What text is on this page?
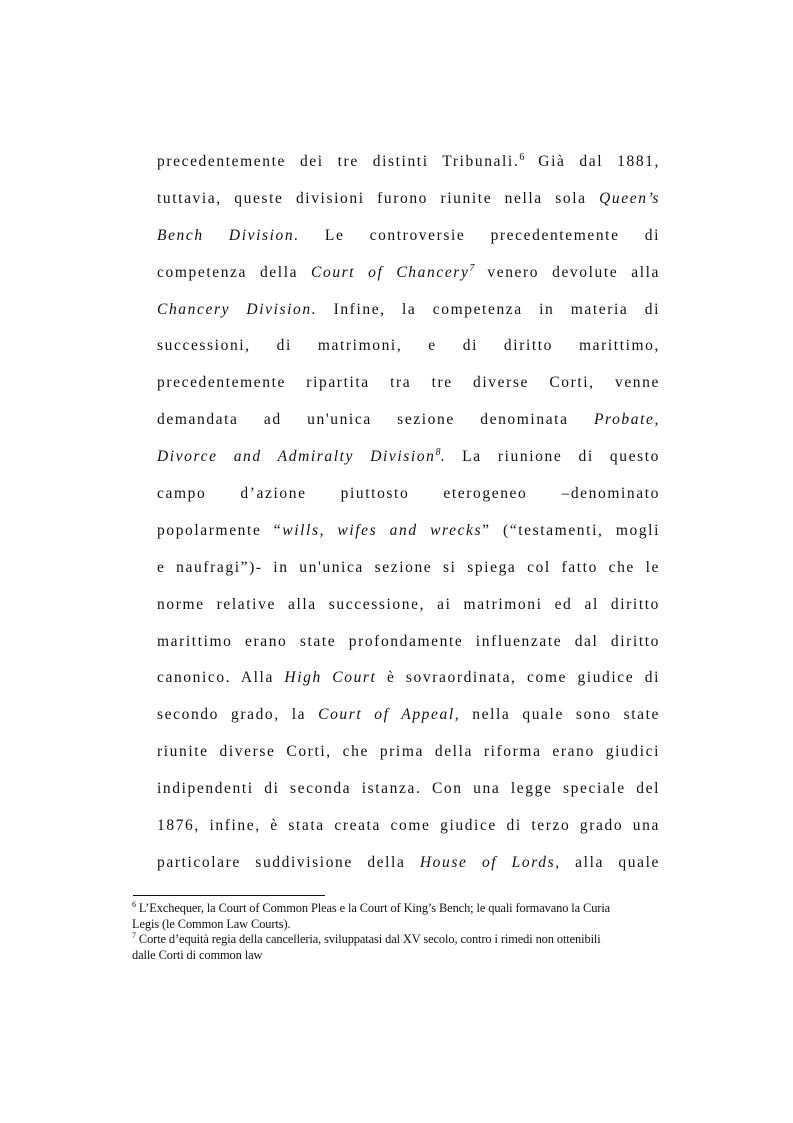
precedentemente dei tre distinti Tribunali.$^6$ Già dal 1881,
tuttavia, queste divisioni furono riunite nella sola Queen’s
Bench Division. Le controversie precedentemente di
competenza della Court of Chancery$^7$ venero devolute alla
Chancery Division. Infine, la competenza in materia di
successioni, di matrimoni, e di diritto marittimo,
precedentemente ripartita tra tre diverse Corti, venne
demandata ad un'unica sezione denominata Probate,
Divorce and Admiralty Division$^8$. La riunione di questo
campo d’azione piuttosto eterogeneo –denominato
popolarmente “wills, wifes and wrecks” (“testamenti, mogli
e naufragi”)- in un'unica sezione si spiega col fatto che le
norme relative alla successione, ai matrimoni ed al diritto
marittimo erano state profondamente influenzate dal diritto
canonico. Alla High Court è sovraordinata, come giudice di
secondo grado, la Court of Appeal, nella quale sono state
riunite diverse Corti, che prima della riforma erano giudici
indipendenti di seconda istanza. Con una legge speciale del
1876, infine, è stata creata come giudice di terzo grado una
particolare suddivisione della House of Lords, alla quale
$^6$ L’Exchequer, la Court of Common Pleas e la Court of King’s Bench; le quali formavano la Curia
Legis (le Common Law Courts).
$^7$ Corte d’equità regia della cancelleria, sviluppatasi dal XV secolo, contro i rimedi non ottenibili
dalle Corti di common law
